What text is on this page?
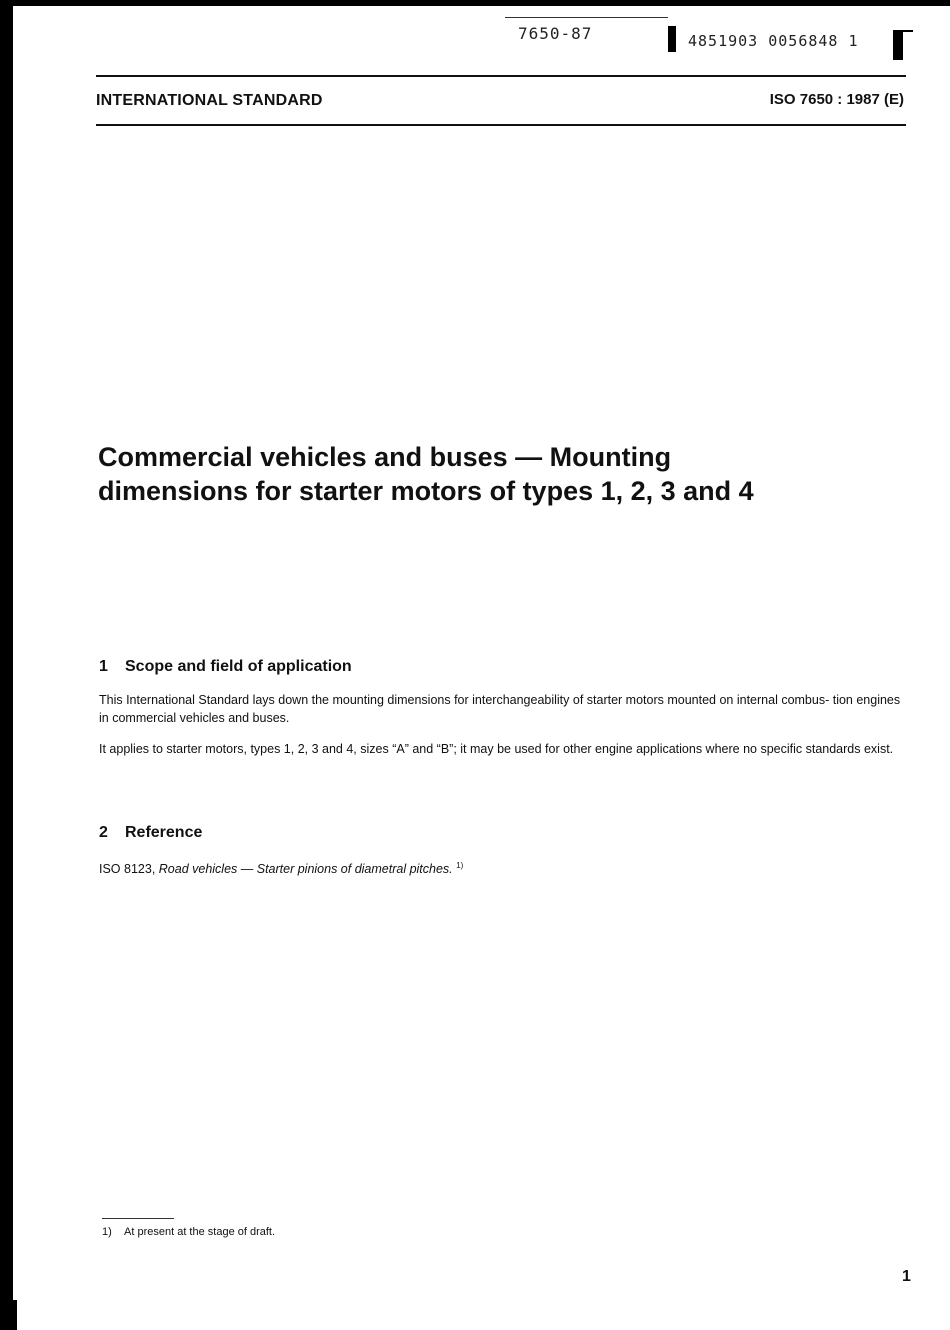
7650-87	4851903 0056848 1
INTERNATIONAL STANDARD	ISO 7650 : 1987 (E)
Commercial vehicles and buses — Mounting
dimensions for starter motors of types 1, 2, 3 and 4
1 Scope and field of application
This International Standard lays down the mounting dimensions for interchangeability of starter motors mounted on internal combus- tion engines in commercial vehicles and buses.
It applies to starter motors, types 1, 2, 3 and 4, sizes “A” and “B”; it may be used for other engine applications where no specific standards exist.
2 Reference
ISO 8123, Road vehicles — Starter pinions of diametral pitches. $^{1)}$
1) At present at the stage of draft.
1
